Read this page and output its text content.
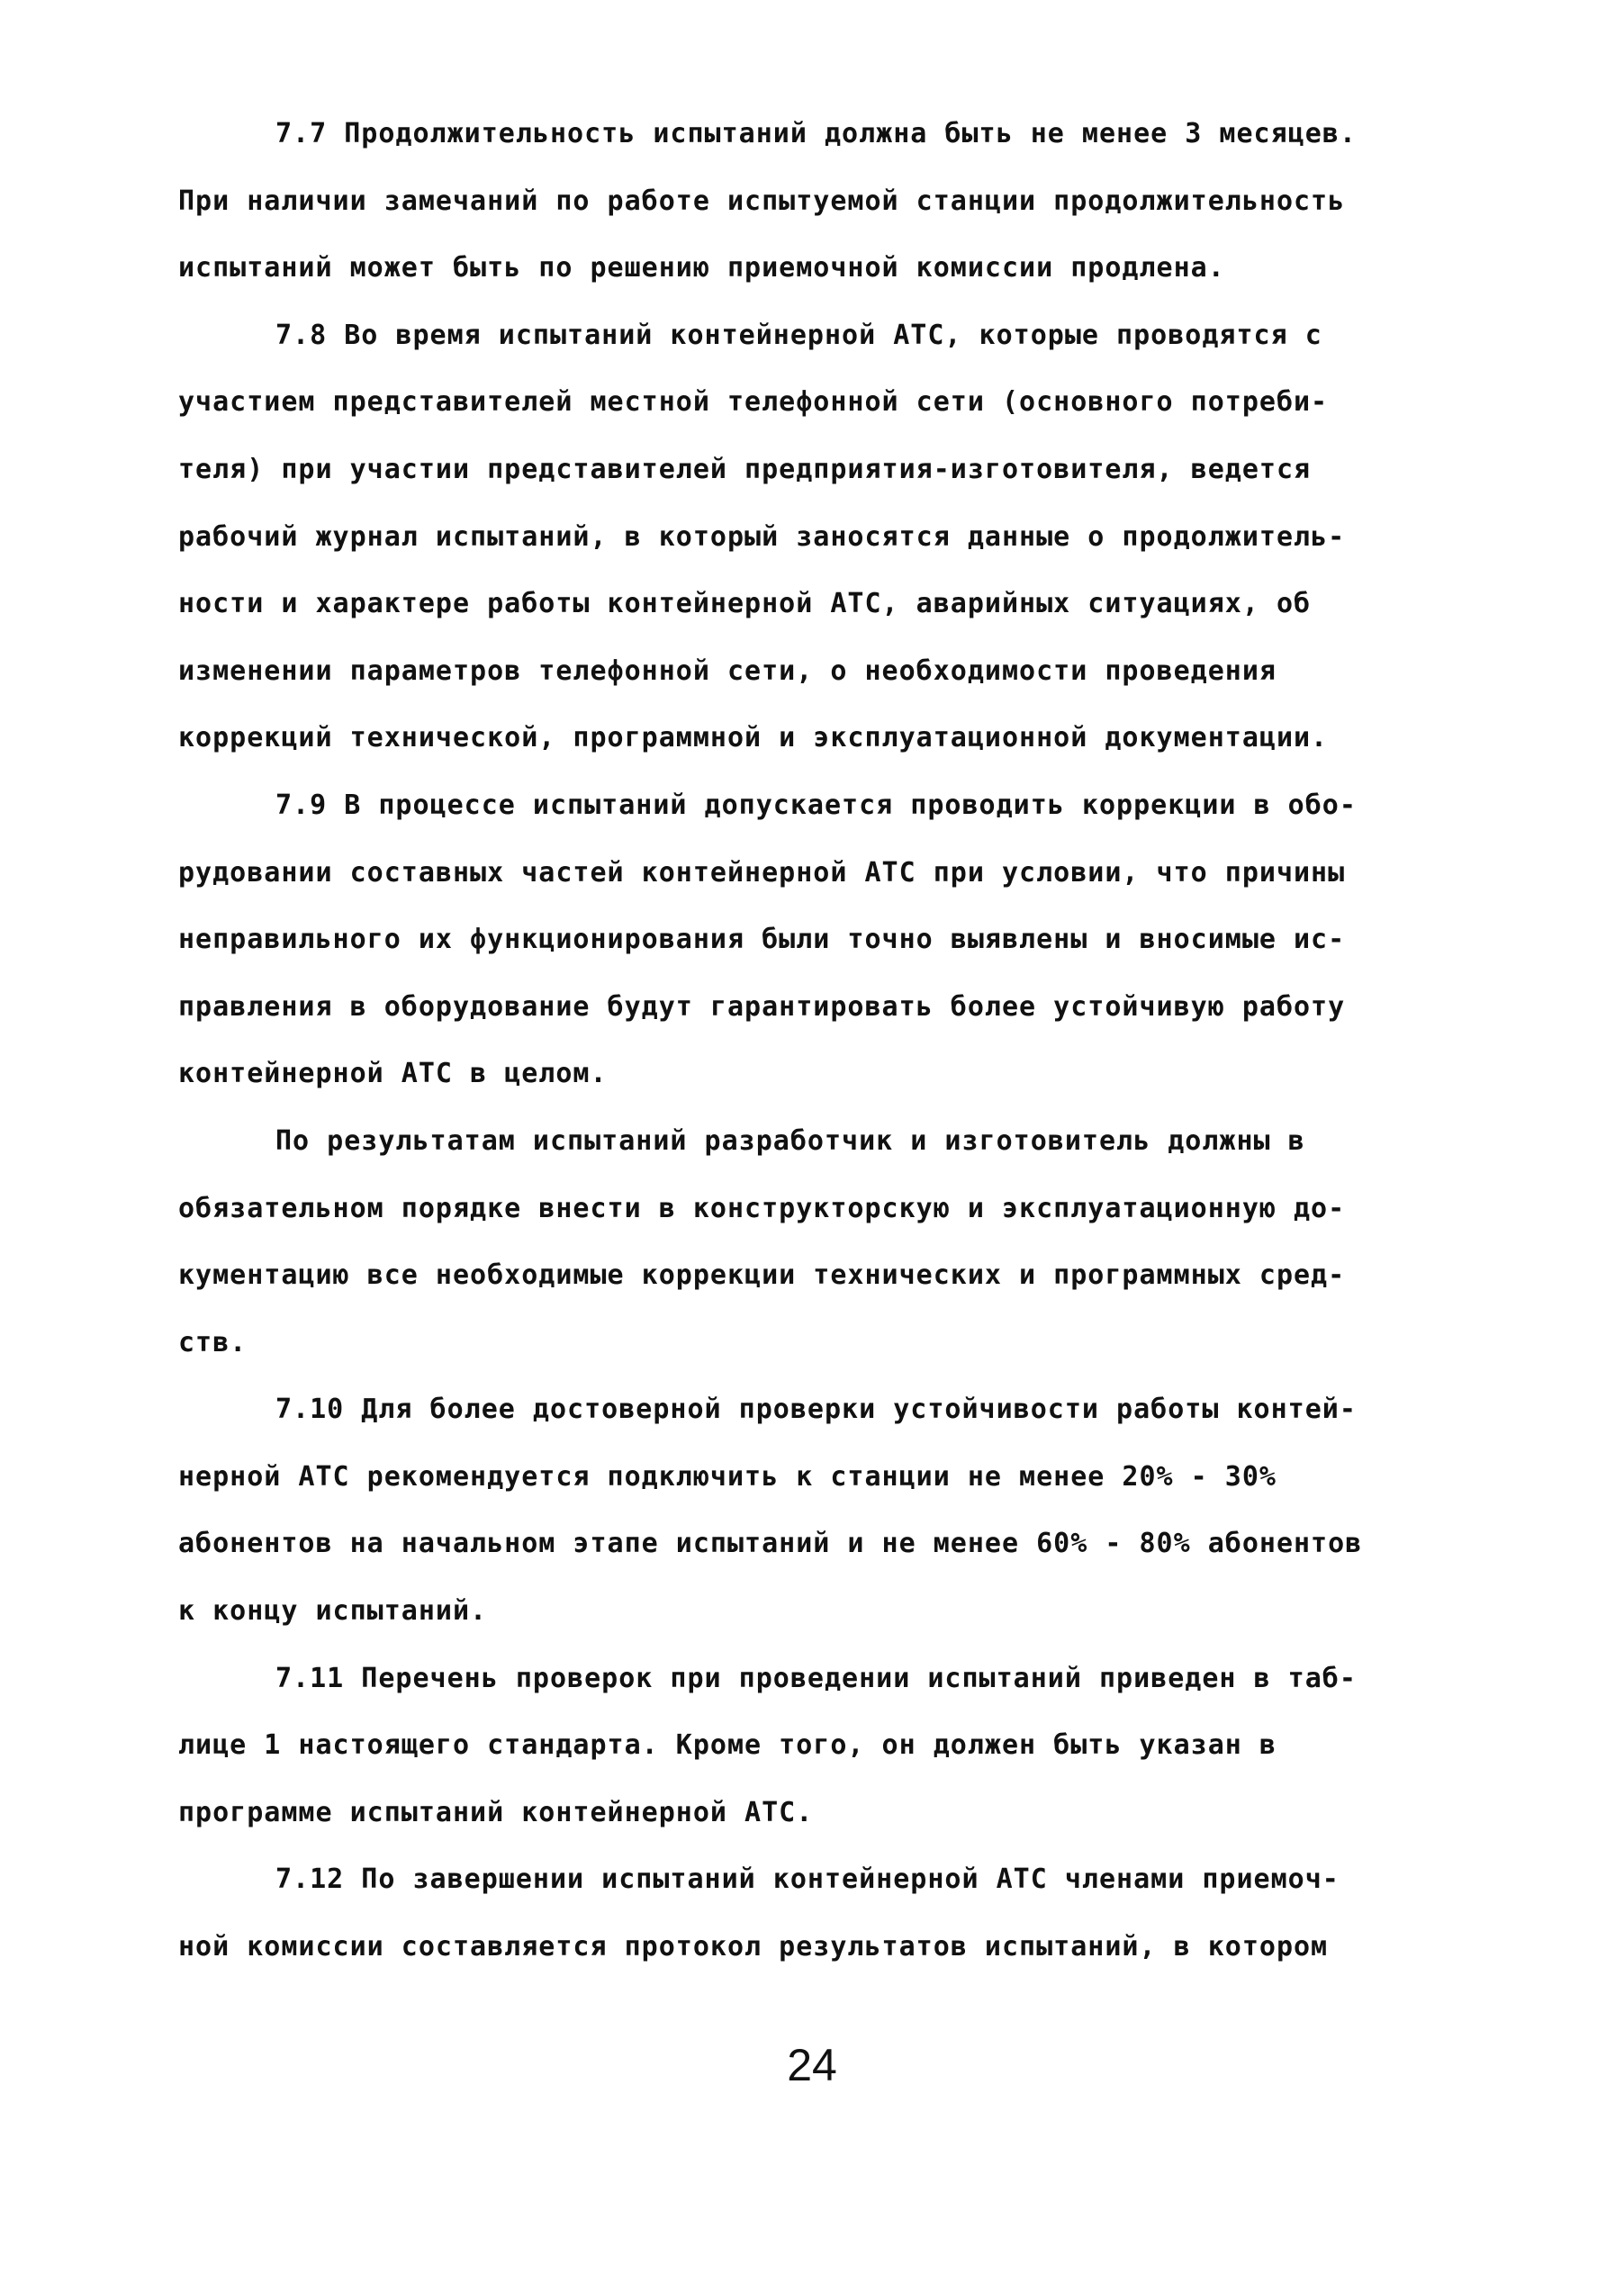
7.7 Продолжительность испытаний должна быть не менее 3 месяцев.
При наличии замечаний по работе испытуемой станции продолжительность
испытаний может быть по решению приемочной комиссии продлена.
7.8 Во время испытаний контейнерной АТС, которые проводятся с
участием представителей местной телефонной сети (основного потреби-
теля) при участии представителей предприятия-изготовителя, ведется
рабочий журнал испытаний, в который заносятся данные о продолжитель-
ности и характере работы контейнерной АТС, аварийных ситуациях, об
изменении параметров телефонной сети, о необходимости проведения
коррекций технической, программной и эксплуатационной документации.
7.9 В процессе испытаний допускается проводить коррекции в обо-
рудовании составных частей контейнерной АТС при условии, что причины
неправильного их функционирования были точно выявлены и вносимые ис-
правления в оборудование будут гарантировать более устойчивую работу
контейнерной АТС в целом.
По результатам испытаний разработчик и изготовитель должны в
обязательном порядке внести в конструкторскую и эксплуатационную до-
кументацию все необходимые коррекции технических и программных сред-
ств.
7.10 Для более достоверной проверки устойчивости работы контей-
нерной АТС рекомендуется подключить к станции не менее 20% - 30%
абонентов на начальном этапе испытаний и не менее 60% - 80% абонентов
к концу испытаний.
7.11 Перечень проверок при проведении испытаний приведен в таб-
лице 1 настоящего стандарта. Кроме того, он должен быть указан в
программе испытаний контейнерной АТС.
7.12 По завершении испытаний контейнерной АТС членами приемоч-
ной комиссии составляется протокол результатов испытаний, в котором
24
